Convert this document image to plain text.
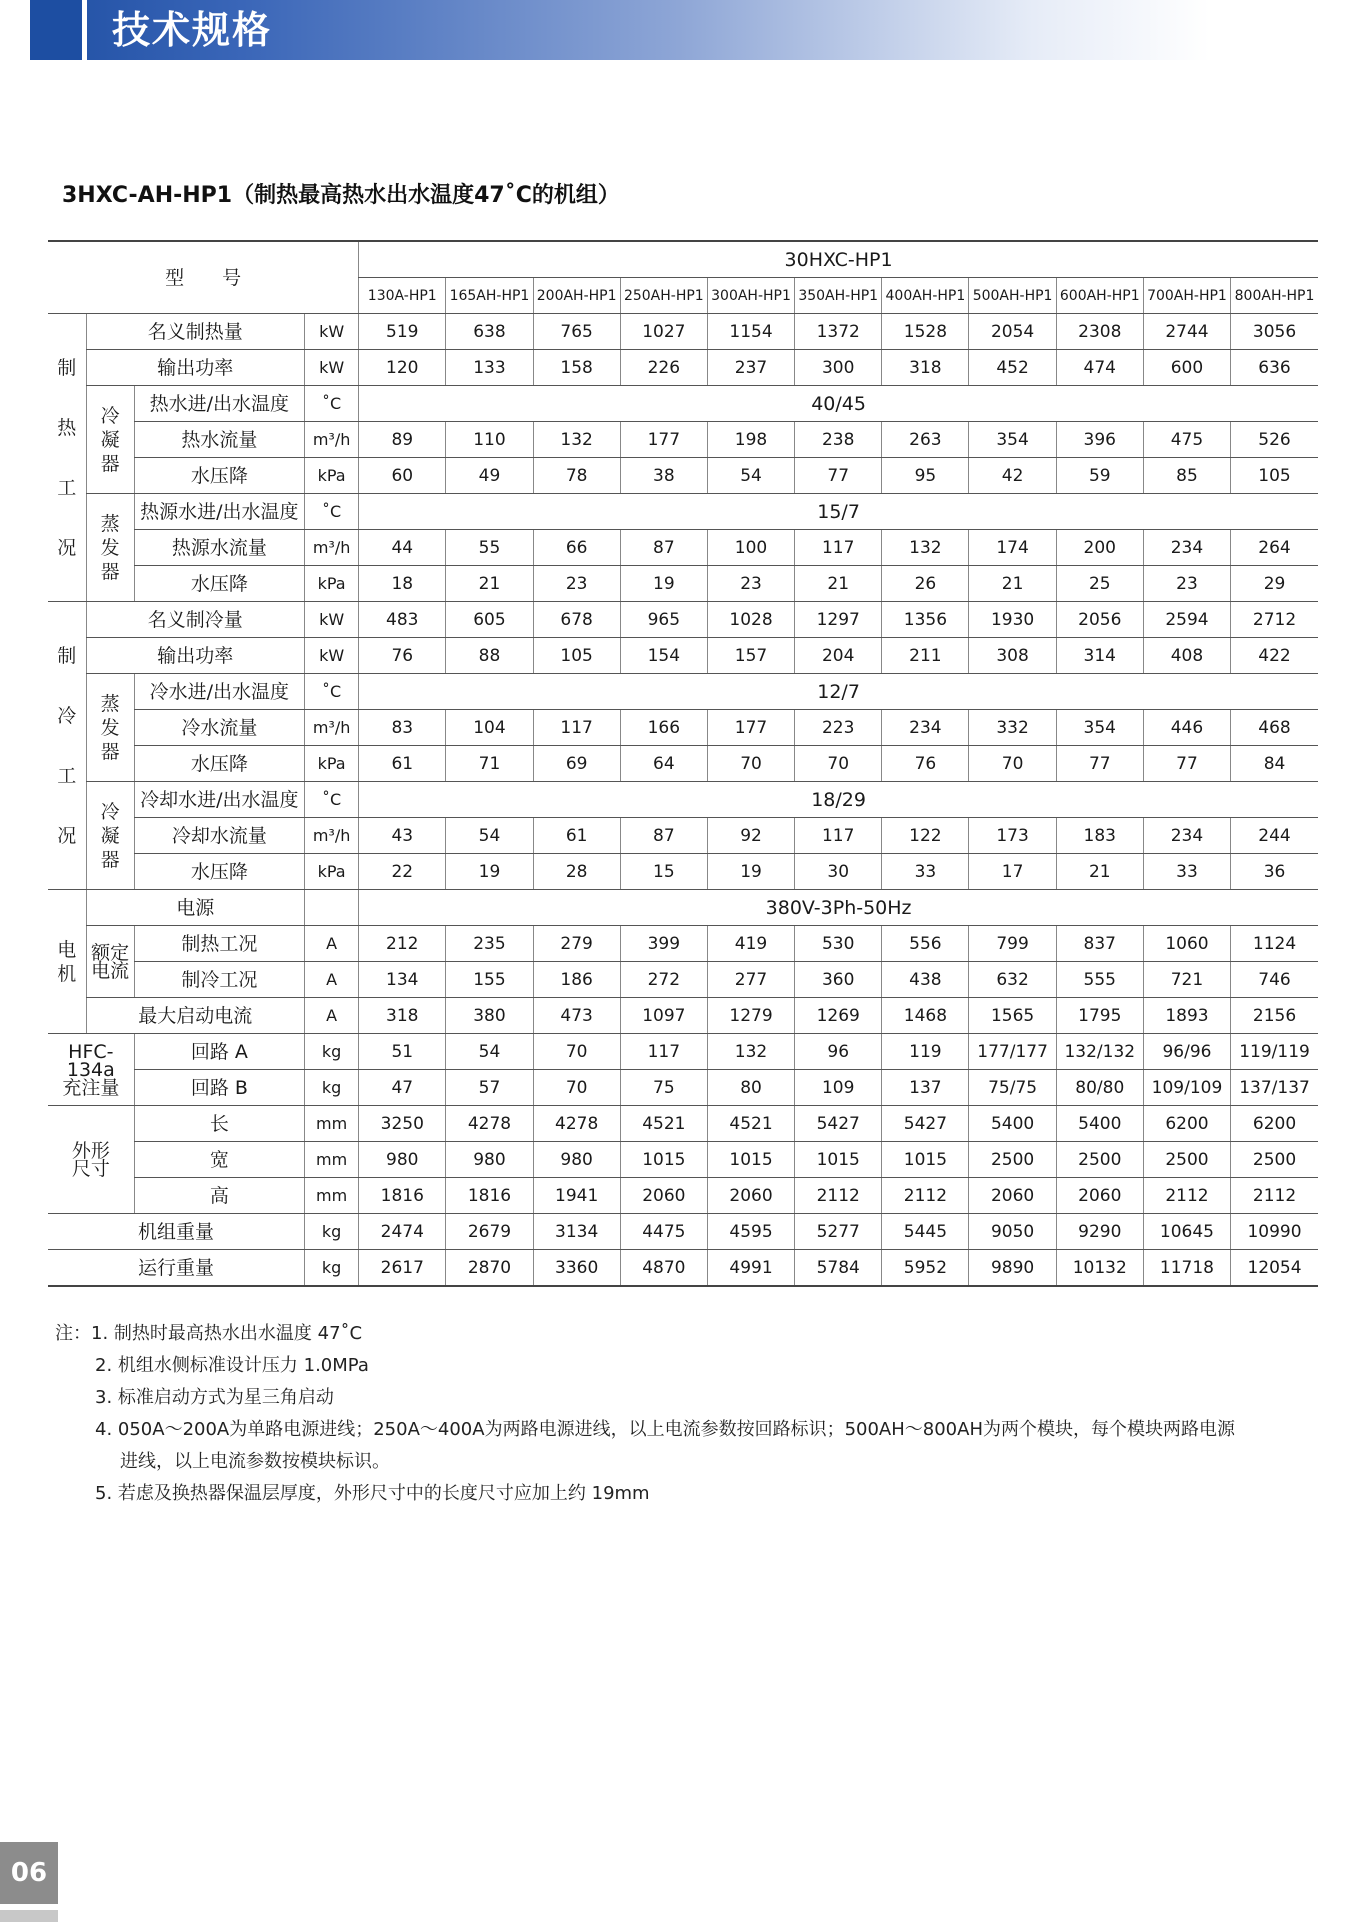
技术规格
3HXC-AH-HP1（制热最高热水出水温度47˚C的机组）
型　　号				30HXC-HP1										
				130A-HP1	165AH-HP1	200AH-HP1	250AH-HP1	300AH-HP1	350AH-HP1	400AH-HP1	500AH-HP1	600AH-HP1	700AH-HP1	800AH-HP1

制
热
工
况	名义制热量		kW	519	638	765	1027	1154	1372	1528	2054	2308	2744	3056
	输出功率		kW	120	133	158	226	237	300	318	452	474	600	636

	冷
凝
器	热水进/出水温度	˚C	40/45										
		热水流量	m³/h	89	110	132	177	198	238	263	354	396	475	526
		水压降	kPa	60	49	78	38	54	77	95	42	59	85	105

	蒸
发
器	热源水进/出水温度	˚C	15/7										
		热源水流量	m³/h	44	55	66	87	100	117	132	174	200	234	264
		水压降	kPa	18	21	23	19	23	21	26	21	25	23	29

制
冷
工
况	名义制冷量		kW	483	605	678	965	1028	1297	1356	1930	2056	2594	2712
	输出功率		kW	76	88	105	154	157	204	211	308	314	408	422

	蒸
发
器	冷水进/出水温度	˚C	12/7										
		冷水流量	m³/h	83	104	117	166	177	223	234	332	354	446	468
		水压降	kPa	61	71	69	64	70	70	76	70	77	77	84

	冷
凝
器	冷却水进/出水温度	˚C	18/29										
		冷却水流量	m³/h	43	54	61	87	92	117	122	173	183	234	244
		水压降	kPa	22	19	28	15	19	30	33	17	21	33	36

电
机	电源			380V-3Ph-50Hz										
	额定
电流	制热工况	A	212	235	279	399	419	530	556	799	837	1060	1124
		制冷工况	A	134	155	186	272	277	360	438	632	555	721	746
	最大启动电流		A	318	380	473	1097	1279	1269	1468	1565	1795	1893	2156
HFC-134a
充注量		回路 A	kg	51	54	70	117	132	96	119	177/177	132/132	96/96	119/119
		回路 B	kg	47	57	70	75	80	109	137	75/75	80/80	109/109	137/137
外形
尺寸		长	mm	3250	4278	4278	4521	4521	5427	5427	5400	5400	6200	6200
		宽	mm	980	980	980	1015	1015	1015	1015	2500	2500	2500	2500
		高	mm	1816	1816	1941	2060	2060	2112	2112	2060	2060	2112	2112
机组重量			kg	2474	2679	3134	4475	4595	5277	5445	9050	9290	10645	10990
运行重量			kg	2617	2870	3360	4870	4991	5784	5952	9890	10132	11718	12054
注：1. 制热时最高热水出水温度 47˚C
2. 机组水侧标准设计压力 1.0MPa
3. 标准启动方式为星三角启动
4. 050A～200A为单路电源进线；250A～400A为两路电源进线，以上电流参数按回路标识；500AH～800AH为两个模块，每个模块两路电源
进线，以上电流参数按模块标识。
5. 若虑及换热器保温层厚度，外形尺寸中的长度尺寸应加上约 19mm
06
